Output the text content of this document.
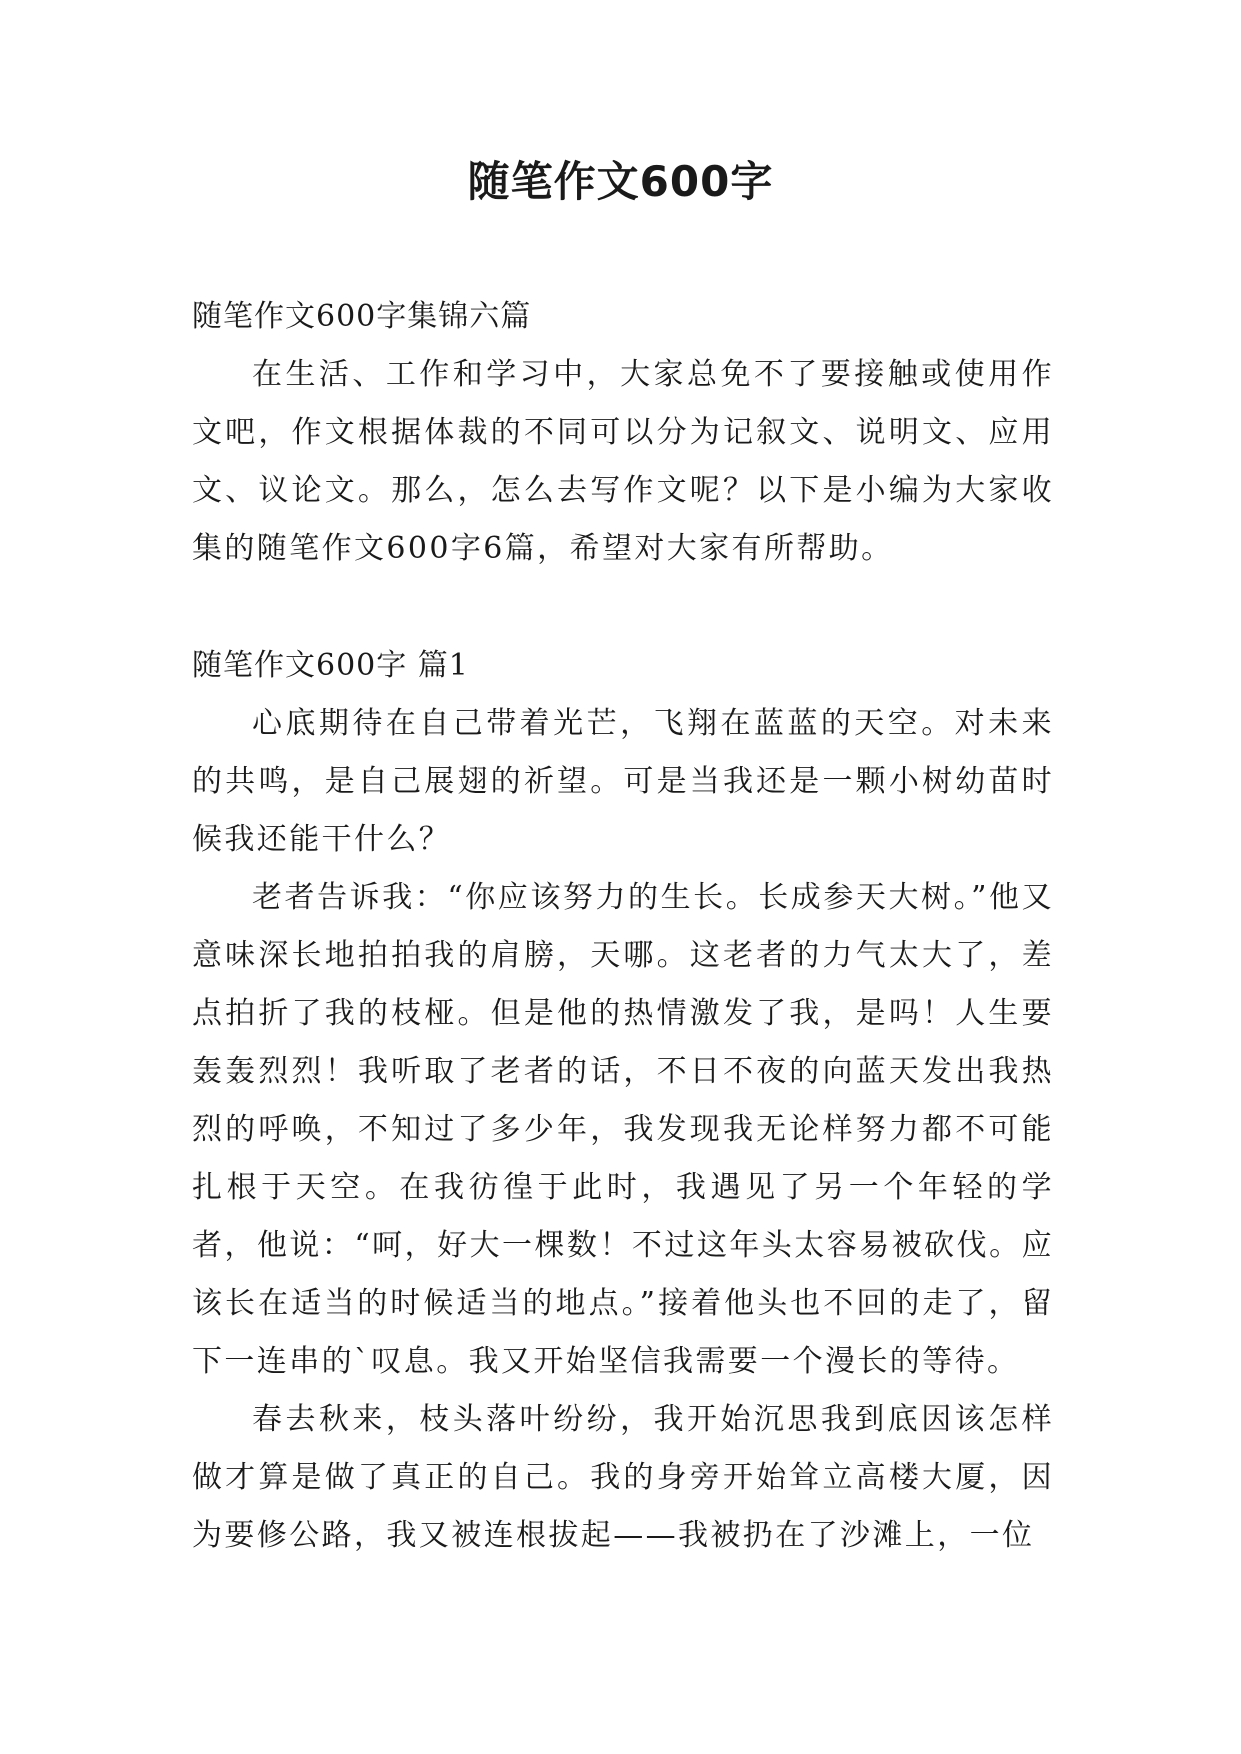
随笔作文600字

随笔作文600字集锦六篇

在生活、工作和学习中，大家总免不了要接触或使用作文吧，作文根据体裁的不同可以分为记叙文、说明文、应用文、议论文。那么，怎么去写作文呢？以下是小编为大家收集的随笔作文600字6篇，希望对大家有所帮助。

随笔作文600字 篇1

心底期待在自己带着光芒，飞翔在蓝蓝的天空。对未来的共鸣，是自己展翅的祈望。可是当我还是一颗小树幼苗时候我还能干什么？

老者告诉我：“你应该努力的生长。长成参天大树。”他又意味深长地拍拍我的肩膀，天哪。这老者的力气太大了，差点拍折了我的枝桠。但是他的热情激发了我，是吗！人生要轰轰烈烈！我听取了老者的话，不日不夜的向蓝天发出我热烈的呼唤，不知过了多少年，我发现我无论样努力都不可能扎根于天空。在我彷徨于此时，我遇见了另一个年轻的学者，他说：“呵，好大一棵数！不过这年头太容易被砍伐。应该长在适当的时候适当的地点。”接着他头也不回的走了，留下一连串的`叹息。我又开始坚信我需要一个漫长的等待。

春去秋来，枝头落叶纷纷，我开始沉思我到底因该怎样做才算是做了真正的自己。我的身旁开始耸立高楼大厦，因为要修公路，我又被连根拔起——我被扔在了沙滩上，一位
